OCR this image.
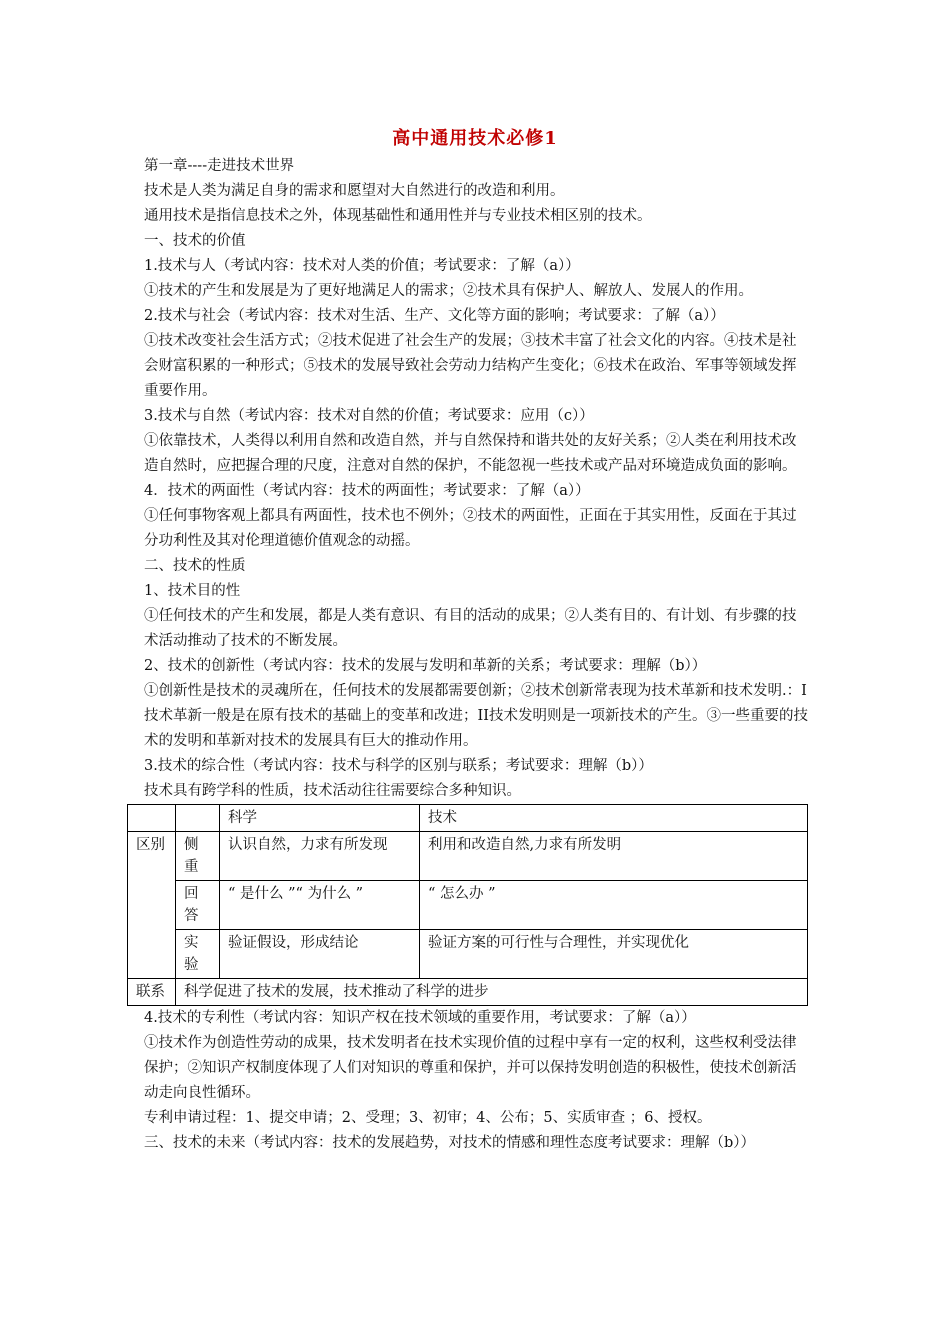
高中通用技术必修1

第一章----走进技术世界

技术是人类为满足自身的需求和愿望对大自然进行的改造和利用。

通用技术是指信息技术之外，体现基础性和通用性并与专业技术相区别的技术。

一、技术的价值

1.技术与人（考试内容：技术对人类的价值；考试要求：了解（a））

①技术的产生和发展是为了更好地满足人的需求；②技术具有保护人、解放人、发展人的作用。

2.技术与社会（考试内容：技术对生活、生产、文化等方面的影响；考试要求：了解（a））

①技术改变社会生活方式；②技术促进了社会生产的发展；③技术丰富了社会文化的内容。④技术是社会财富积累的一种形式；⑤技术的发展导致社会劳动力结构产生变化；⑥技术在政治、军事等领域发挥重要作用。

3.技术与自然（考试内容：技术对自然的价值；考试要求：应用（c））

①依靠技术，人类得以利用自然和改造自然，并与自然保持和谐共处的友好关系；②人类在利用技术改造自然时，应把握合理的尺度，注意对自然的保护，不能忽视一些技术或产品对环境造成负面的影响。

4．技术的两面性（考试内容：技术的两面性；考试要求：了解（a））

①任何事物客观上都具有两面性，技术也不例外；②技术的两面性，正面在于其实用性，反面在于其过分功利性及其对伦理道德价值观念的动摇。

二、技术的性质

1、技术目的性

①任何技术的产生和发展，都是人类有意识、有目的活动的成果；②人类有目的、有计划、有步骤的技术活动推动了技术的不断发展。

2、技术的创新性（考试内容：技术的发展与发明和革新的关系；考试要求：理解（b））

①创新性是技术的灵魂所在，任何技术的发展都需要创新；②技术创新常表现为技术革新和技术发明.：I技术革新一般是在原有技术的基础上的变革和改进；II技术发明则是一项新技术的产生。③一些重要的技术的发明和革新对技术的发展具有巨大的推动作用。

3.技术的综合性（考试内容：技术与科学的区别与联系；考试要求：理解（b））

技术具有跨学科的性质，技术活动往往需要综合多种知识。

		科学	技术
区别	侧重	认识自然，力求有所发现	利用和改造自然,力求有所发明
	回答	“ 是什么 ”“ 为什么 ”	“ 怎么办 ”
	实验	验证假设，形成结论	验证方案的可行性与合理性，并实现优化
联系	科学促进了技术的发展，技术推动了科学的进步		

4.技术的专利性（考试内容：知识产权在技术领域的重要作用，考试要求：了解（a））

①技术作为创造性劳动的成果，技术发明者在技术实现价值的过程中享有一定的权利，这些权利受法律保护；②知识产权制度体现了人们对知识的尊重和保护，并可以保持发明创造的积极性，使技术创新活动走向良性循环。

专利申请过程：1、提交申请；2、受理；3、初审；4、公布；5、实质审查 ；6、授权。

三、技术的未来（考试内容：技术的发展趋势，对技术的情感和理性态度考试要求：理解（b））
